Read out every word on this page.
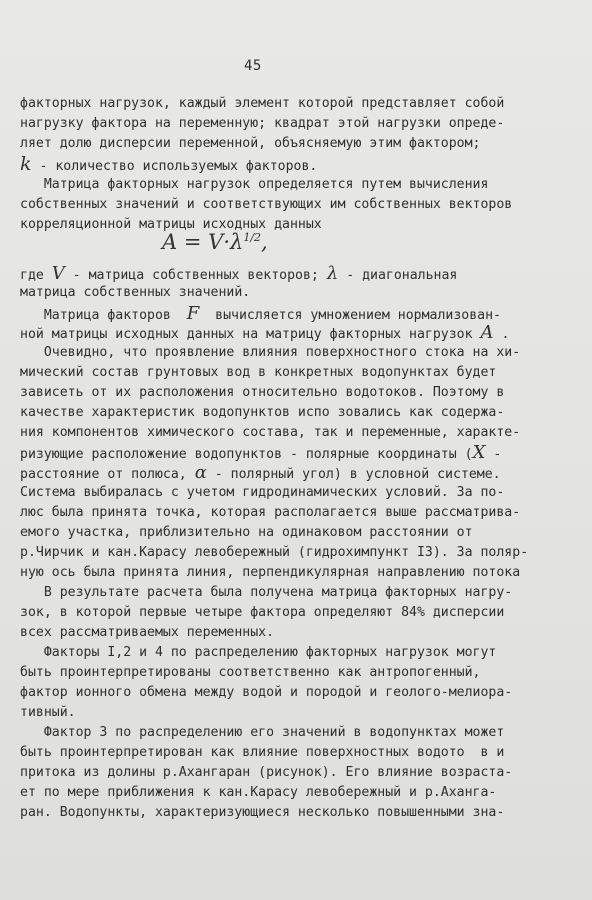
45
факторных нагрузок, каждый элемент которой представляет собой
нагрузку фактора на переменную; квадрат этой нагрузки опреде-
ляет долю дисперсии переменной, объясняемую этим фактором;
k - количество используемых факторов.
Матрица факторных нагрузок определяется путем вычисления
собственных значений и соответствующих им собственных векторов
корреляционной матрицы исходных данных
$A = V\cdot\lambda^{1/2}$,
где V - матрица собственных векторов; λ - диагональная
матрица собственных значений.
Матрица факторов F вычисляется умножением нормализован-
ной матрицы исходных данных на матрицу факторных нагрузок A .
Очевидно, что проявление влияния поверхностного стока на хи-
мический состав грунтовых вод в конкретных водопунктах будет
зависеть от их расположения относительно водотоков. Поэтому в
качестве характеристик водопунктов испо зовались как содержа-
ния компонентов химического состава, так и переменные, характе-
ризующие расположение водопунктов - полярные координаты (X -
расстояние от полюса, α - полярный угол) в условной системе.
Система выбиралась с учетом гидродинамических условий. За по-
люс была принята точка, которая располагается выше рассматрива-
емого участка, приблизительно на одинаковом расстоянии от
р.Чирчик и кан.Карасу левобережный (гидрохимпункт I3). За поляр-
ную ось была принята линия, перпендикулярная направлению потока
В результате расчета была получена матрица факторных нагру-
зок, в которой первые четыре фактора определяют 84% дисперсии
всех рассматриваемых переменных.
Факторы I,2 и 4 по распределению факторных нагрузок могут
быть проинтерпретированы соответственно как антропогенный,
фактор ионного обмена между водой и породой и геолого-мелиора-
тивный.
Фактор 3 по распределению его значений в водопунктах может
быть проинтерпретирован как влияние поверхностных водото  в и
притока из долины р.Ахангаран (рисунок). Его влияние возраста-
ет по мере приближения к кан.Карасу левобережный и р.Ахангa-
ран. Водопункты, характеризующиеся несколько повышенными зна-
